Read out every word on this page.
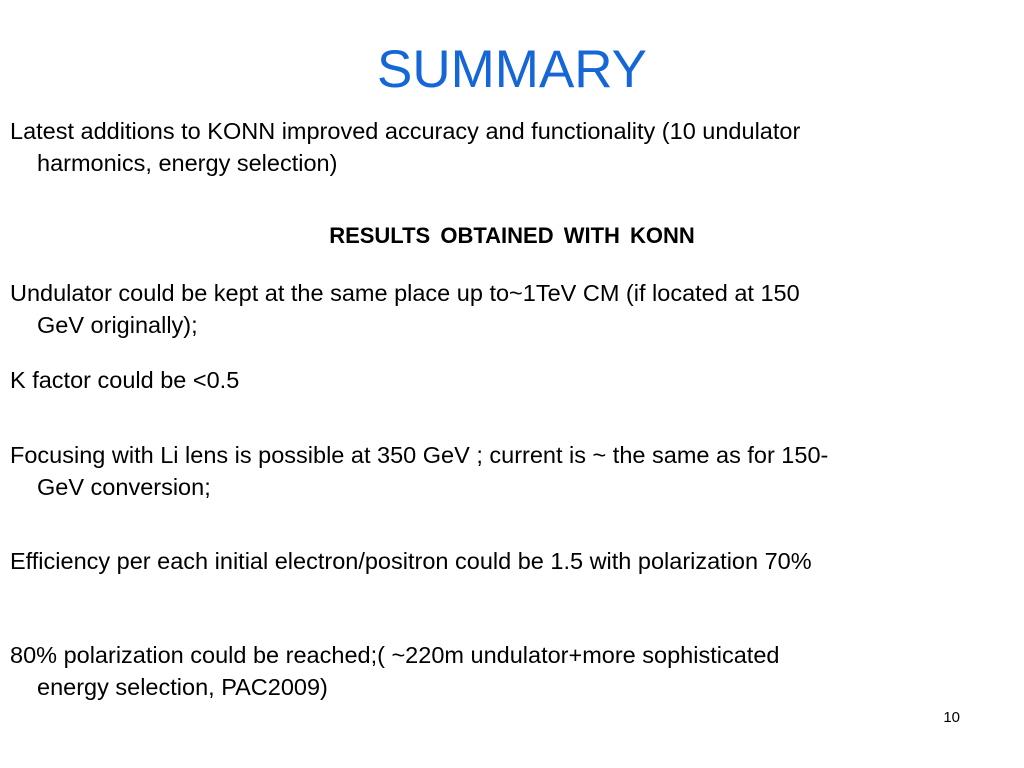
SUMMARY

Latest additions to KONN improved accuracy and functionality (10 undulator
harmonics, energy selection)

RESULTS OBTAINED WITH KONN

Undulator could be kept at the same place up to~1TeV CM (if located at 150
GeV originally);

K factor could be <0.5

Focusing with Li lens is possible at 350 GeV ; current is ~ the same as for 150-
GeV conversion;

Efficiency per each initial electron/positron could be 1.5 with polarization 70%

80% polarization could be reached;( ~220m undulator+more sophisticated
energy selection, PAC2009)

10
